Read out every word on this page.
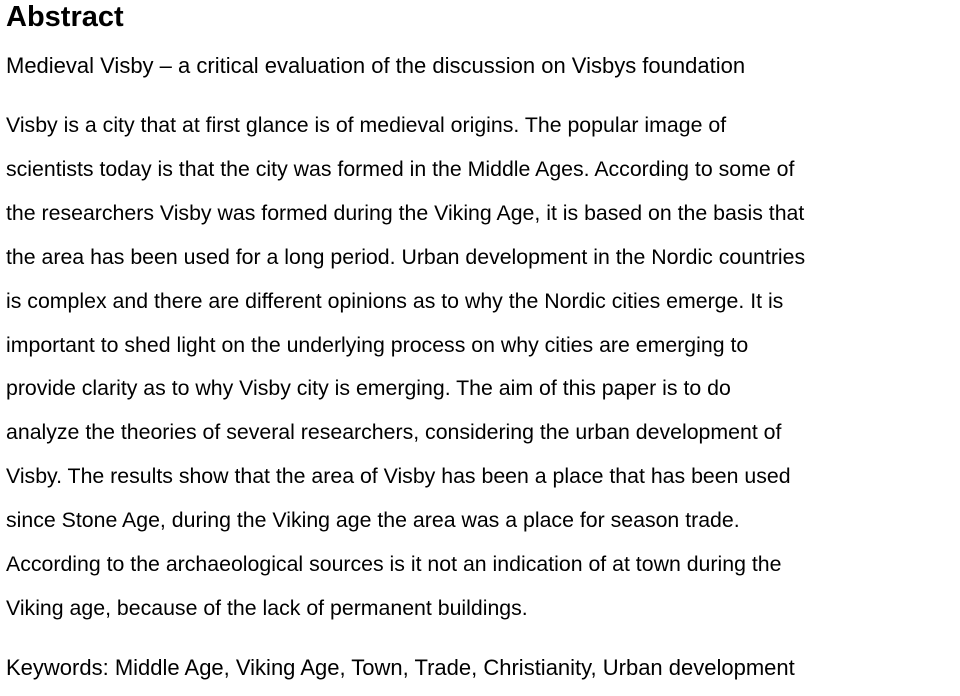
Abstract

Medieval Visby – a critical evaluation of the discussion on Visbys foundation

Visby is a city that at first glance is of medieval origins. The popular image of
scientists today is that the city was formed in the Middle Ages. According to some of
the researchers Visby was formed during the Viking Age, it is based on the basis that
the area has been used for a long period. Urban development in the Nordic countries
is complex and there are different opinions as to why the Nordic cities emerge. It is
important to shed light on the underlying process on why cities are emerging to
provide clarity as to why Visby city is emerging. The aim of this paper is to do
analyze the theories of several researchers, considering the urban development of
Visby. The results show that the area of Visby has been a place that has been used
since Stone Age, during the Viking age the area was a place for season trade.
According to the archaeological sources is it not an indication of at town during the
Viking age, because of the lack of permanent buildings.

Keywords: Middle Age, Viking Age, Town, Trade, Christianity, Urban development
